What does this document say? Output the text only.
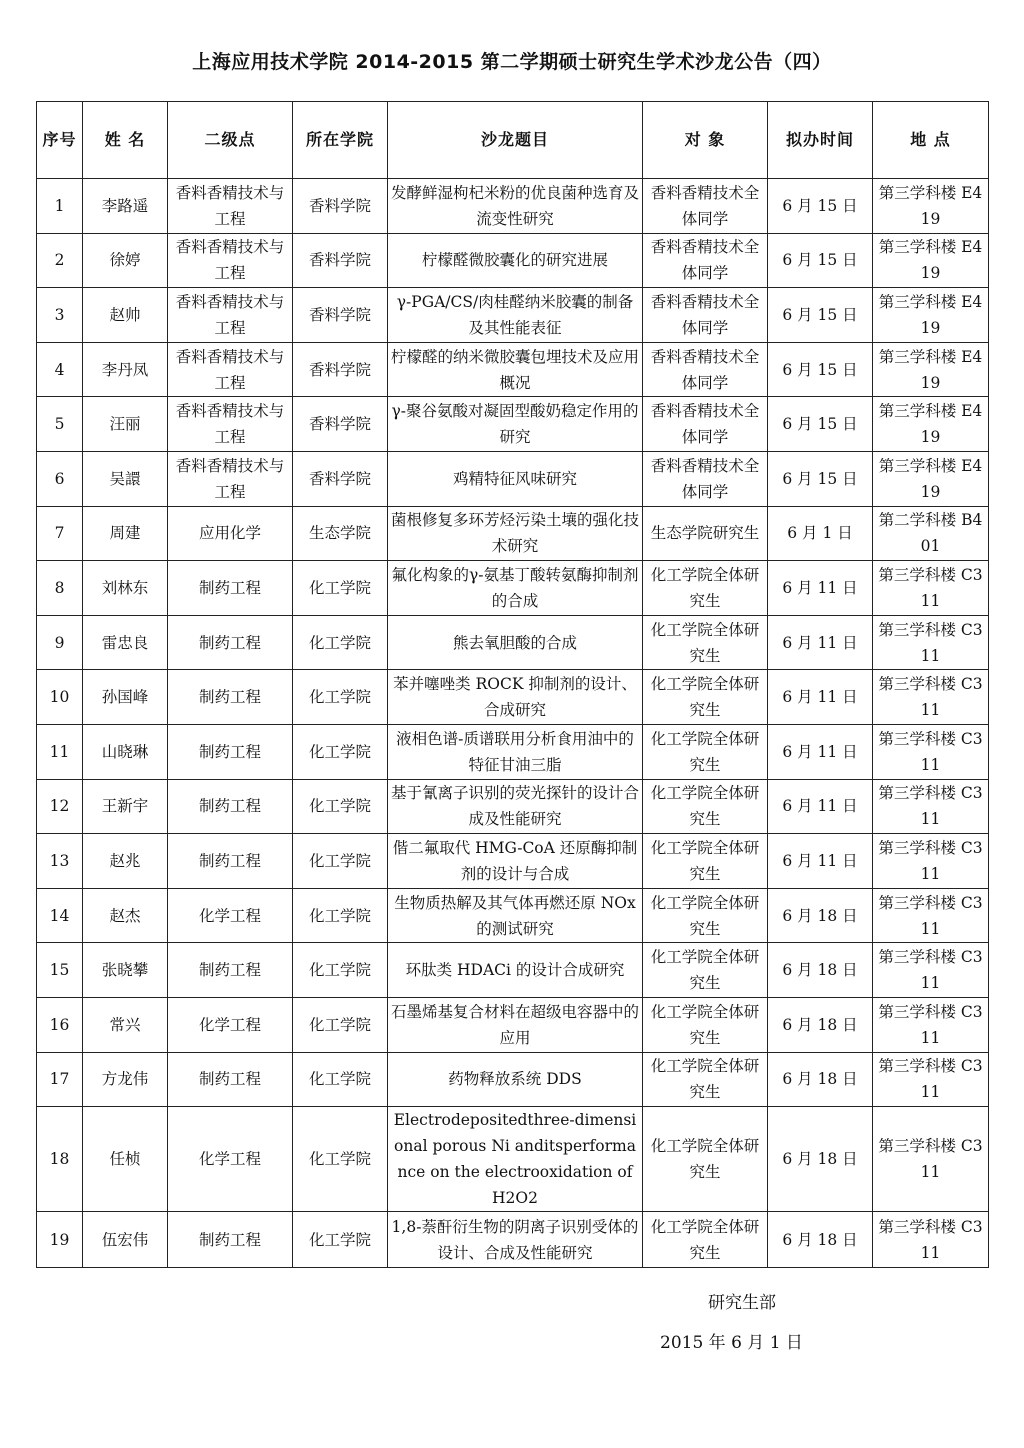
上海应用技术学院 2014-2015 第二学期硕士研究生学术沙龙公告（四）
序号	姓 名	二级点	所在学院	沙龙题目	对 象	拟办时间	地 点
1	李路遥	香料香精技术与工程	香料学院	发酵鲜湿枸杞米粉的优良菌种选育及流变性研究	香料香精技术全体同学	6 月 15 日	第三学科楼 E419
2	徐婷	香料香精技术与工程	香料学院	柠檬醛微胶囊化的研究进展	香料香精技术全体同学	6 月 15 日	第三学科楼 E419
3	赵帅	香料香精技术与工程	香料学院	γ-PGA/CS/肉桂醛纳米胶囊的制备及其性能表征	香料香精技术全体同学	6 月 15 日	第三学科楼 E419
4	李丹凤	香料香精技术与工程	香料学院	柠檬醛的纳米微胶囊包埋技术及应用概况	香料香精技术全体同学	6 月 15 日	第三学科楼 E419
5	汪丽	香料香精技术与工程	香料学院	γ-聚谷氨酸对凝固型酸奶稳定作用的研究	香料香精技术全体同学	6 月 15 日	第三学科楼 E419
6	吴譞	香料香精技术与工程	香料学院	鸡精特征风味研究	香料香精技术全体同学	6 月 15 日	第三学科楼 E419
7	周建	应用化学	生态学院	菌根修复多环芳烃污染土壤的强化技术研究	生态学院研究生	6 月 1 日	第二学科楼 B401
8	刘林东	制药工程	化工学院	氟化构象的γ-氨基丁酸转氨酶抑制剂的合成	化工学院全体研究生	6 月 11 日	第三学科楼 C311
9	雷忠良	制药工程	化工学院	熊去氧胆酸的合成	化工学院全体研究生	6 月 11 日	第三学科楼 C311
10	孙国峰	制药工程	化工学院	苯并噻唑类 ROCK 抑制剂的设计、合成研究	化工学院全体研究生	6 月 11 日	第三学科楼 C311
11	山晓琳	制药工程	化工学院	液相色谱-质谱联用分析食用油中的特征甘油三脂	化工学院全体研究生	6 月 11 日	第三学科楼 C311
12	王新宇	制药工程	化工学院	基于氰离子识别的荧光探针的设计合成及性能研究	化工学院全体研究生	6 月 11 日	第三学科楼 C311
13	赵兆	制药工程	化工学院	偕二氟取代 HMG-CoA 还原酶抑制剂的设计与合成	化工学院全体研究生	6 月 11 日	第三学科楼 C311
14	赵杰	化学工程	化工学院	生物质热解及其气体再燃还原 NOx 的测试研究	化工学院全体研究生	6 月 18 日	第三学科楼 C311
15	张晓攀	制药工程	化工学院	环肽类 HDACi 的设计合成研究	化工学院全体研究生	6 月 18 日	第三学科楼 C311
16	常兴	化学工程	化工学院	石墨烯基复合材料在超级电容器中的应用	化工学院全体研究生	6 月 18 日	第三学科楼 C311
17	方龙伟	制药工程	化工学院	药物释放系统 DDS	化工学院全体研究生	6 月 18 日	第三学科楼 C311
18	任桢	化学工程	化工学院	Electrodepositedthree-dimensional porous Ni anditsperformance on the electrooxidation of H2O2	化工学院全体研究生	6 月 18 日	第三学科楼 C311
19	伍宏伟	制药工程	化工学院	1,8-萘酐衍生物的阴离子识别受体的设计、合成及性能研究	化工学院全体研究生	6 月 18 日	第三学科楼 C311
研究生部
2015 年 6 月 1 日
